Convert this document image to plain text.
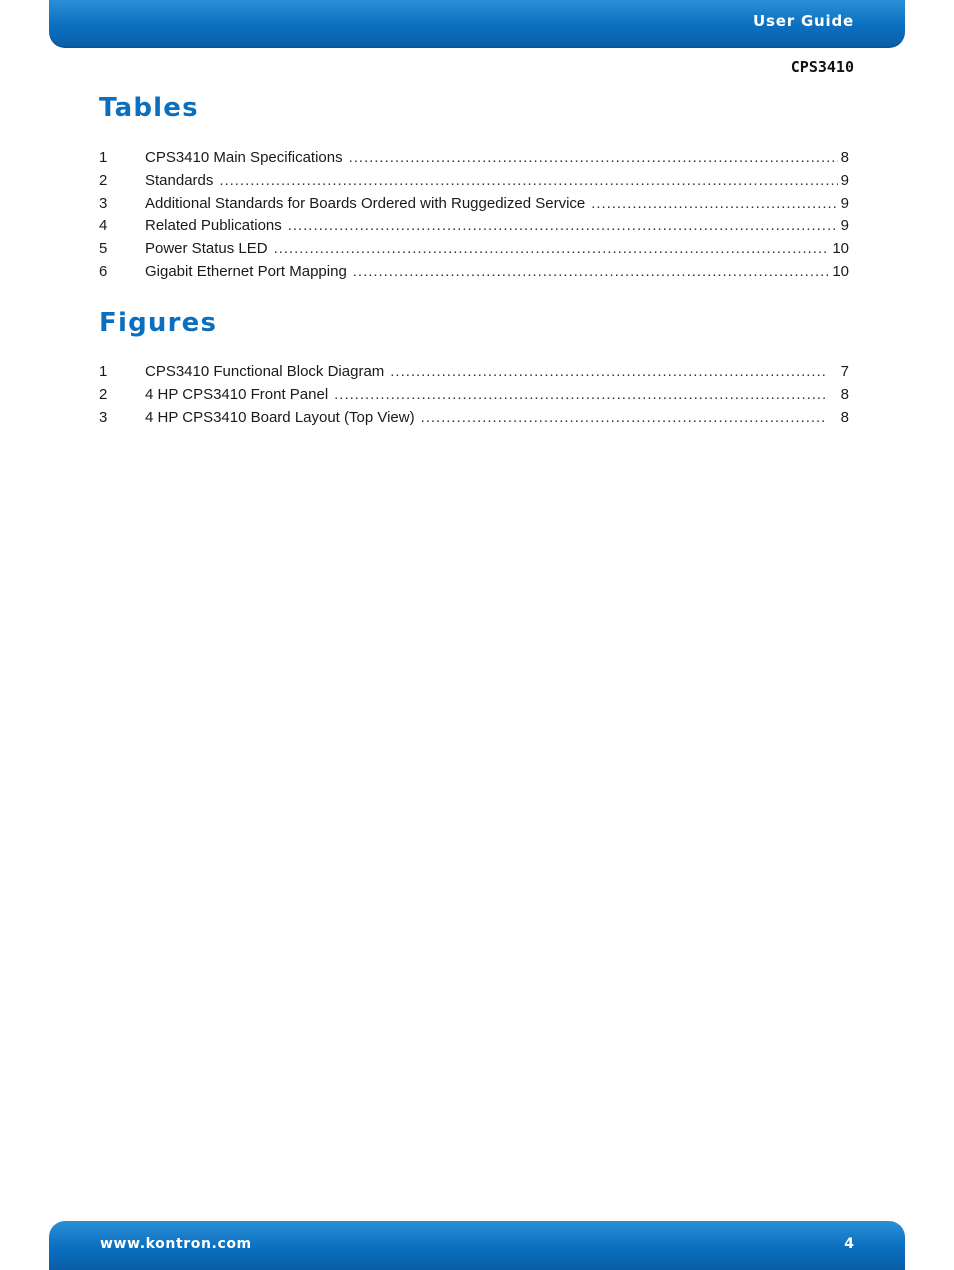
User Guide
CPS3410
Tables
1	CPS3410 Main Specifications . . .	8
2	Standards . . .	9
3	Additional Standards for Boards Ordered with Ruggedized Service . . .	9
4	Related Publications . . .	9
5	Power Status LED . . .	10
6	Gigabit Ethernet Port Mapping . . .	10
Figures
1	CPS3410 Functional Block Diagram . . .	7
2	4 HP CPS3410 Front Panel . . .	8
3	4 HP CPS3410 Board Layout (Top View) . . .	8
www.kontron.com	4
